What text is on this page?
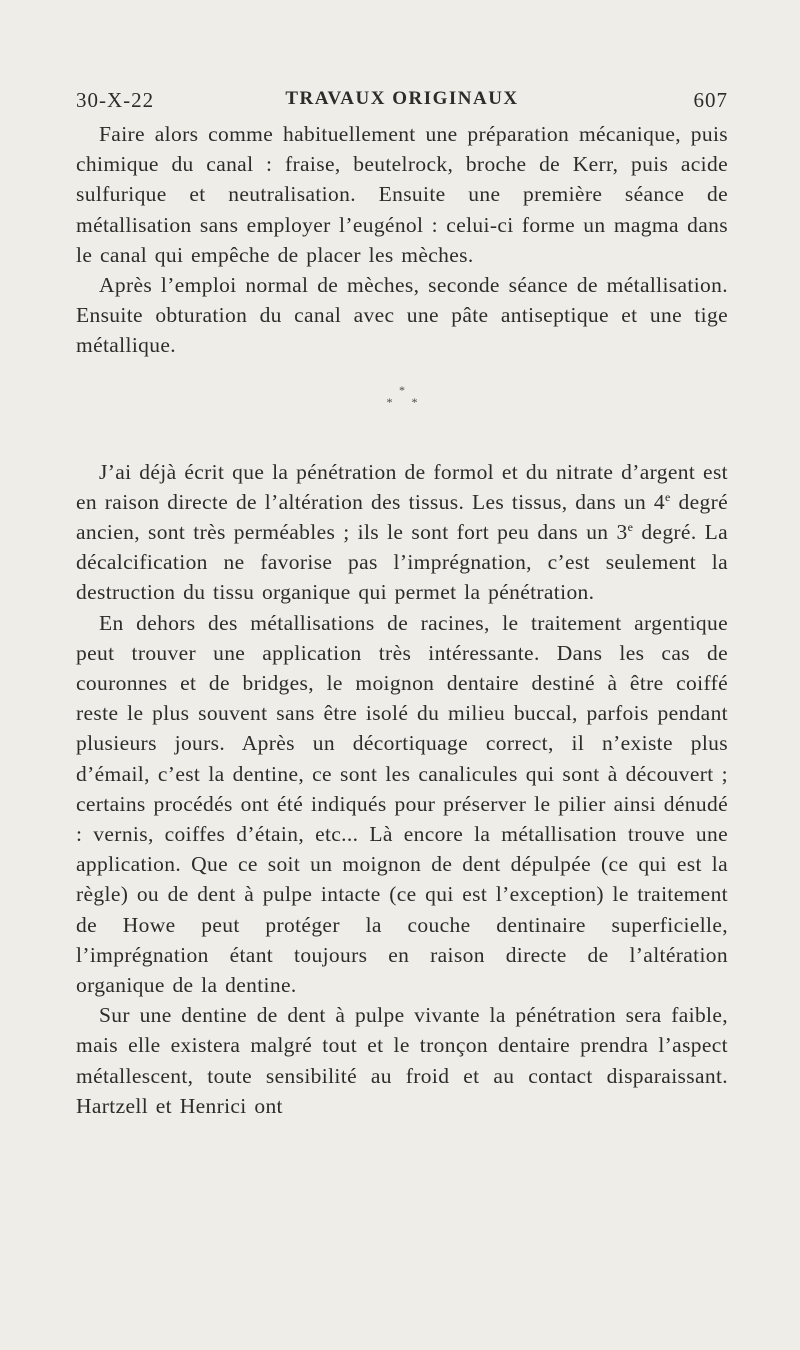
30-X-22	TRAVAUX ORIGINAUX	607

Faire alors comme habituellement une préparation mécanique, puis chimique du canal : fraise, beutelrock, broche de Kerr, puis acide sulfurique et neutralisation. Ensuite une première séance de métallisation sans employer l’eugénol : celui-ci forme un magma dans le canal qui empêche de placer les mèches.

Après l’emploi normal de mèches, seconde séance de métallisation. Ensuite obturation du canal avec une pâte antiseptique et une tige métallique.

*
* *

J’ai déjà écrit que la pénétration de formol et du nitrate d’argent est en raison directe de l’altération des tissus. Les tissus, dans un 4e degré ancien, sont très perméables ; ils le sont fort peu dans un 3e degré. La décalcification ne favorise pas l’imprégnation, c’est seulement la destruction du tissu organique qui permet la pénétration.

En dehors des métallisations de racines, le traitement argentique peut trouver une application très intéressante. Dans les cas de couronnes et de bridges, le moignon dentaire destiné à être coiffé reste le plus souvent sans être isolé du milieu buccal, parfois pendant plusieurs jours. Après un décortiquage correct, il n’existe plus d’émail, c’est la dentine, ce sont les canalicules qui sont à découvert ; certains procédés ont été indiqués pour préserver le pilier ainsi dénudé : vernis, coiffes d’étain, etc... Là encore la métallisation trouve une application. Que ce soit un moignon de dent dépulpée (ce qui est la règle) ou de dent à pulpe intacte (ce qui est l’exception) le traitement de Howe peut protéger la couche dentinaire superficielle, l’imprégnation étant toujours en raison directe de l’altération organique de la dentine.

Sur une dentine de dent à pulpe vivante la pénétration sera faible, mais elle existera malgré tout et le tronçon dentaire prendra l’aspect métallescent, toute sensibilité au froid et au contact disparaissant. Hartzell et Henrici ont
